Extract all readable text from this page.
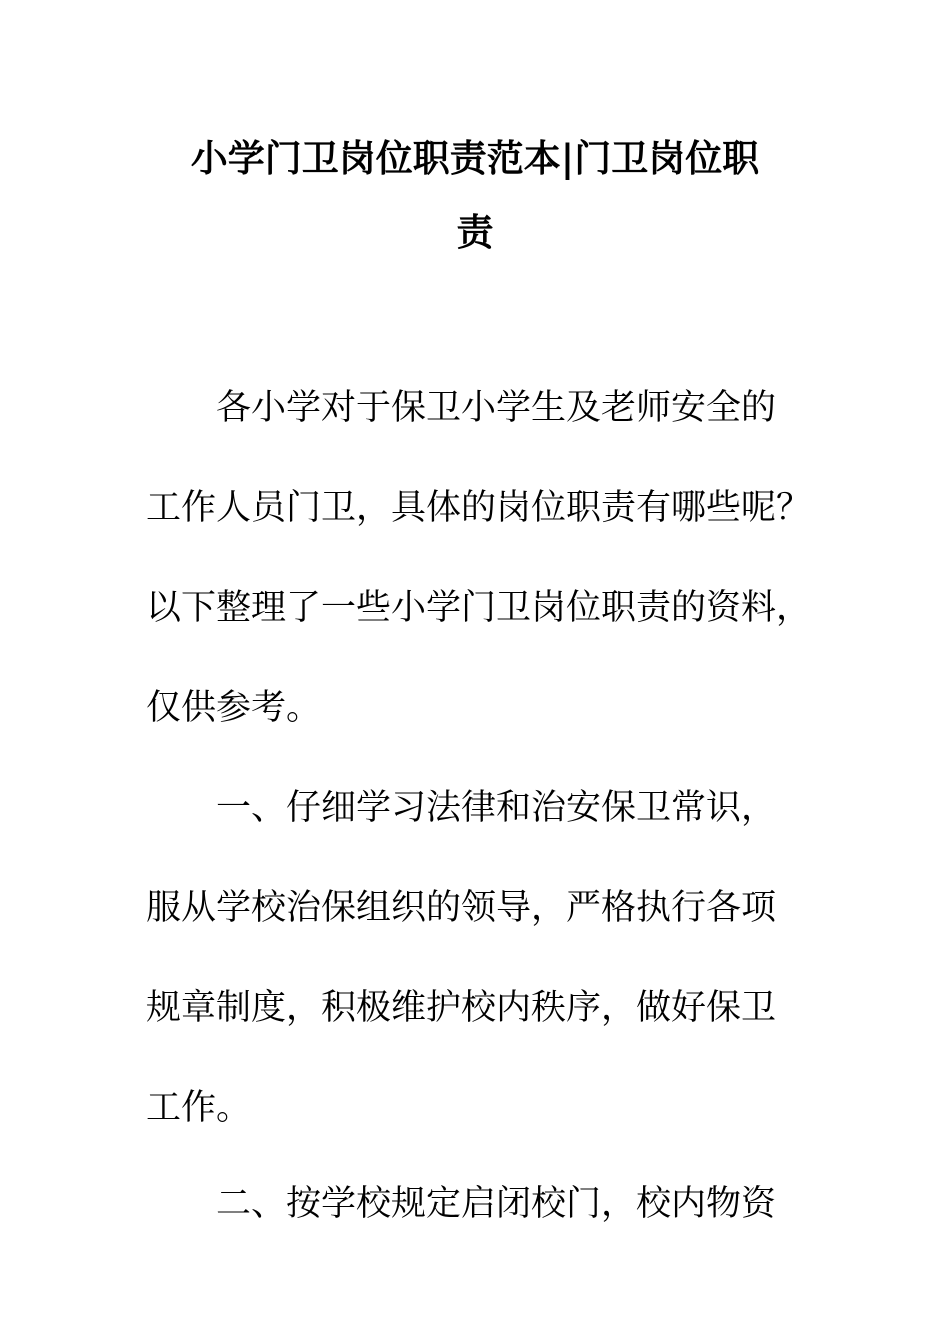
小学门卫岗位职责范本|门卫岗位职
责
各小学对于保卫小学生及老师安全的
工作人员门卫，具体的岗位职责有哪些呢？
以下整理了一些小学门卫岗位职责的资料，
仅供参考。
一、仔细学习法律和治安保卫常识，
服从学校治保组织的领导，严格执行各项
规章制度，积极维护校内秩序，做好保卫
工作。
二、按学校规定启闭校门，校内物资
